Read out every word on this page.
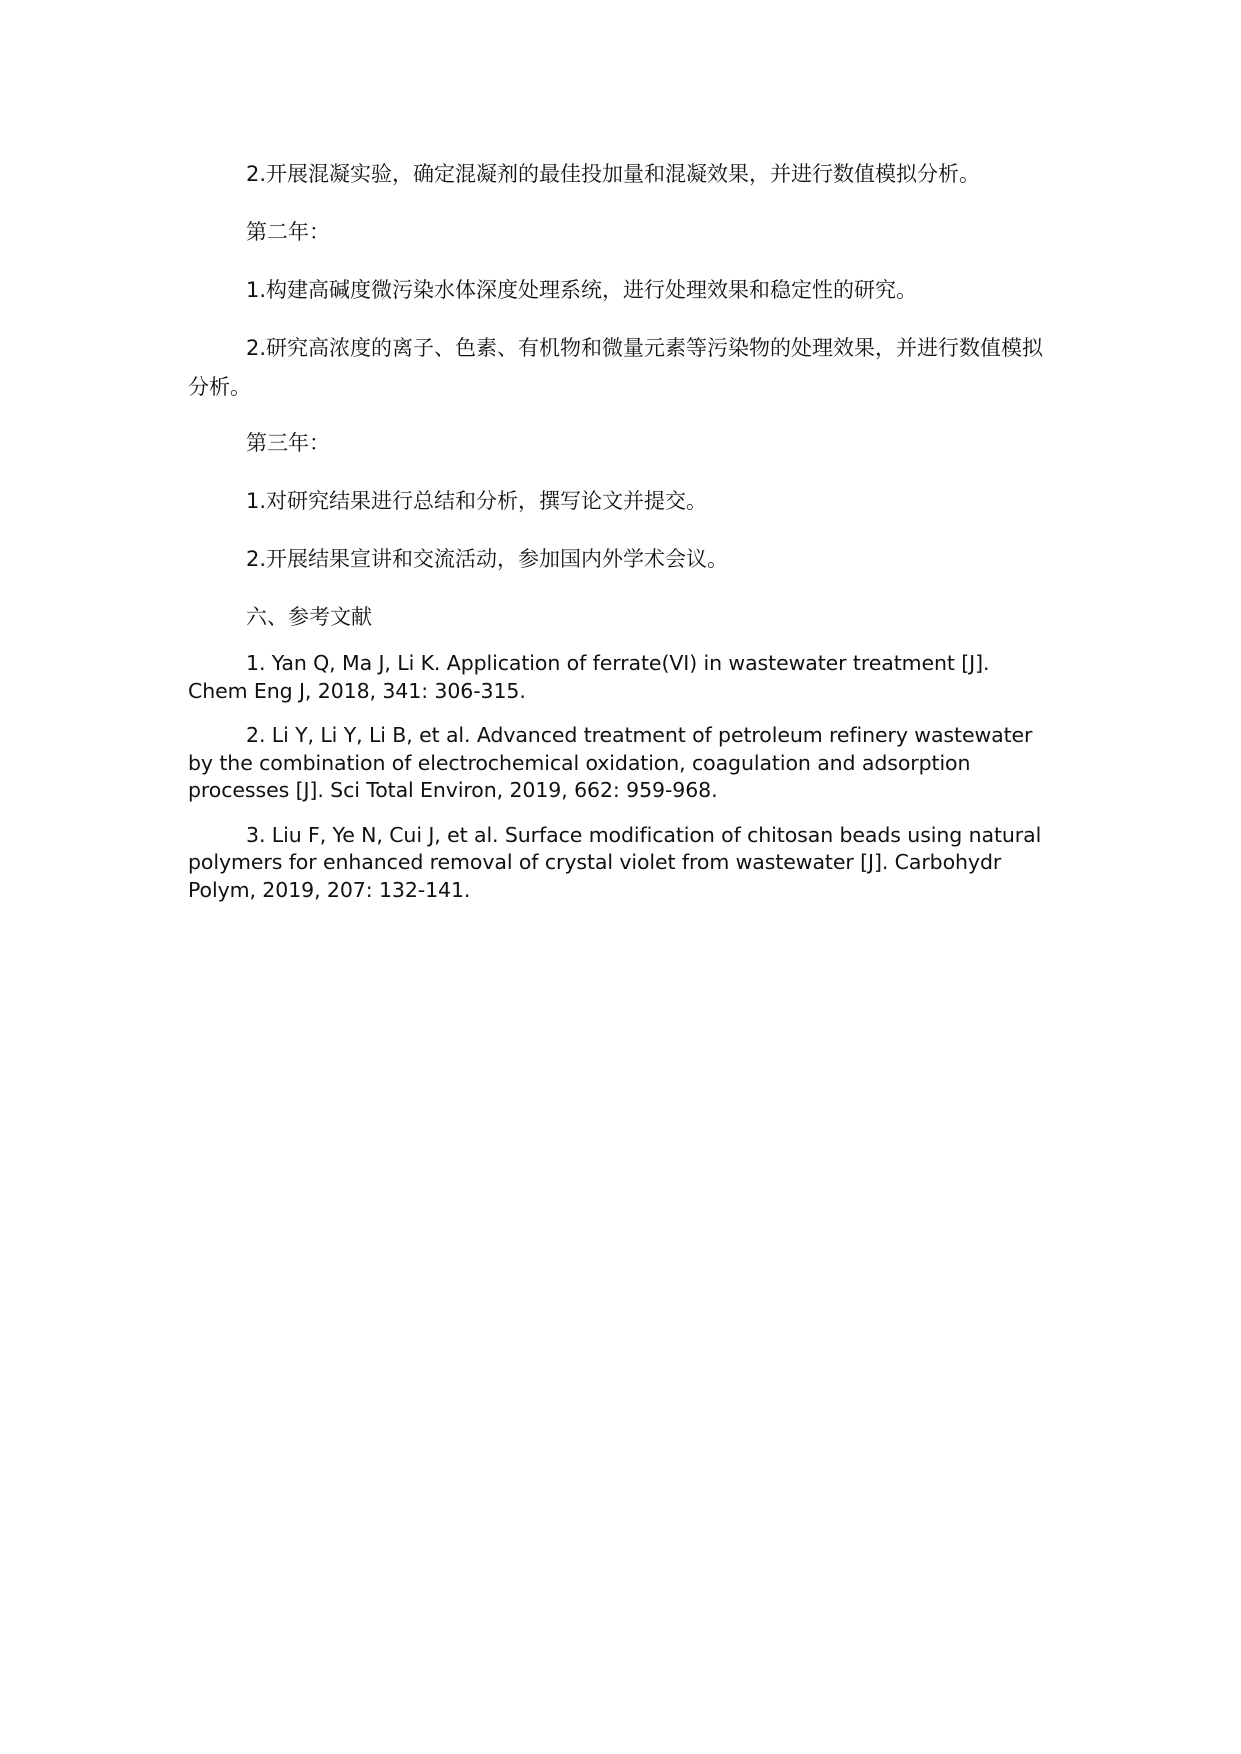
2.开展混凝实验，确定混凝剂的最佳投加量和混凝效果，并进行数值模拟分析。

第二年：

1.构建高碱度微污染水体深度处理系统，进行处理效果和稳定性的研究。

2.研究高浓度的离子、色素、有机物和微量元素等污染物的处理效果，并进行数值模拟分析。

第三年：

1.对研究结果进行总结和分析，撰写论文并提交。

2.开展结果宣讲和交流活动，参加国内外学术会议。

六、参考文献

1. Yan Q, Ma J, Li K. Application of ferrate(VI) in wastewater treatment [J]. Chem Eng J, 2018, 341: 306-315.

2. Li Y, Li Y, Li B, et al. Advanced treatment of petroleum refinery wastewater by the combination of electrochemical oxidation, coagulation and adsorption processes [J]. Sci Total Environ, 2019, 662: 959-968.

3. Liu F, Ye N, Cui J, et al. Surface modification of chitosan beads using natural polymers for enhanced removal of crystal violet from wastewater [J]. Carbohydr Polym, 2019, 207: 132-141.
